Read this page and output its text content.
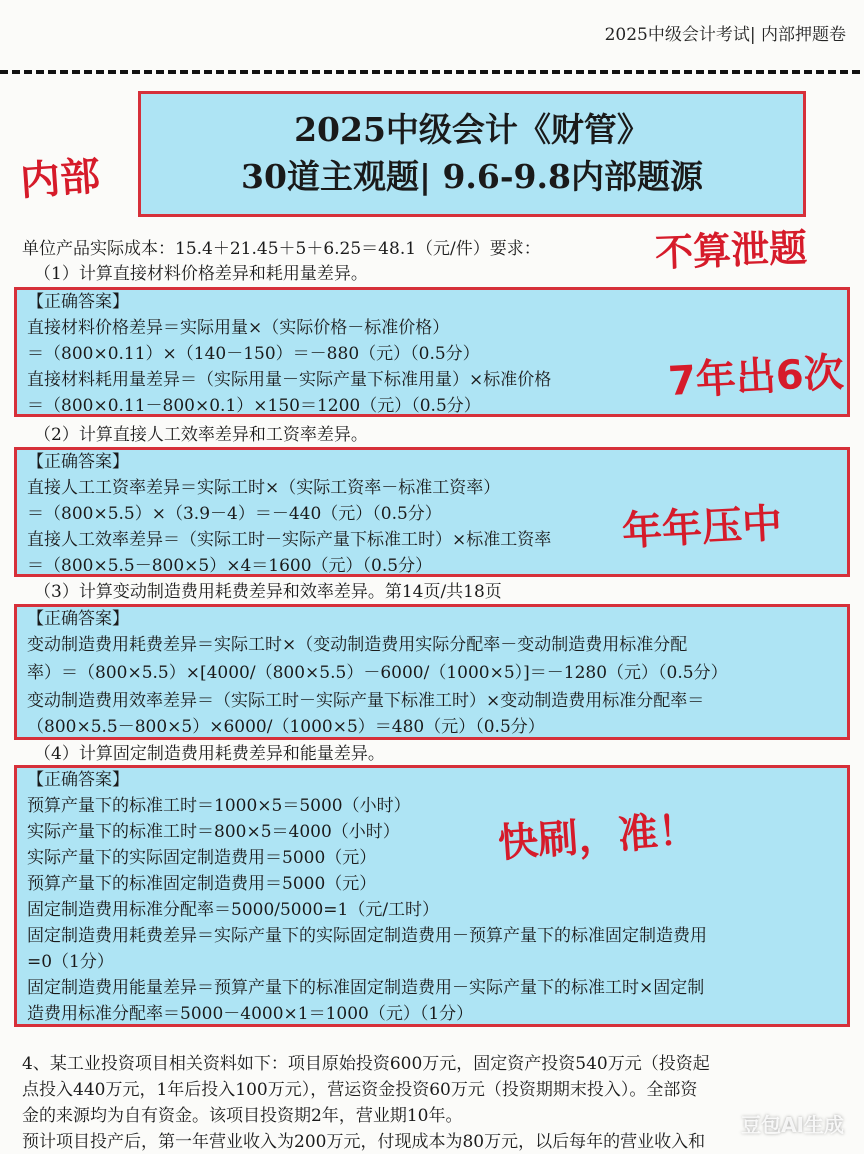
2025中级会计考试| 内部押题卷
2025中级会计《财管》
30道主观题| 9.6-9.8内部题源
内部
不算泄题
单位产品实际成本：15.4＋21.45＋5＋6.25＝48.1（元/件）要求：
（1）计算直接材料价格差异和耗用量差异。
【正确答案】
直接材料价格差异＝实际用量×（实际价格－标准价格）
＝（800×0.11）×（140－150）＝－880（元）（0.5分）
直接材料耗用量差异＝（实际用量－实际产量下标准用量）×标准价格
＝（800×0.11－800×0.1）×150＝1200（元）（0.5分）
7年出6次
（2）计算直接人工效率差异和工资率差异。
【正确答案】
直接人工工资率差异＝实际工时×（实际工资率－标准工资率）
＝（800×5.5）×（3.9－4）＝－440（元）（0.5分）
直接人工效率差异＝（实际工时－实际产量下标准工时）×标准工资率
＝（800×5.5－800×5）×4＝1600（元）（0.5分）
年年压中
（3）计算变动制造费用耗费差异和效率差异。第14页/共18页
【正确答案】
变动制造费用耗费差异＝实际工时×（变动制造费用实际分配率－变动制造费用标准分配
率）＝（800×5.5）×[4000/（800×5.5）－6000/（1000×5）]＝－1280（元）（0.5分）
变动制造费用效率差异＝（实际工时－实际产量下标准工时）×变动制造费用标准分配率＝
（800×5.5－800×5）×6000/（1000×5）＝480（元）（0.5分）
（4）计算固定制造费用耗费差异和能量差异。
【正确答案】
预算产量下的标准工时＝1000×5＝5000（小时）
实际产量下的标准工时＝800×5＝4000（小时）
实际产量下的实际固定制造费用＝5000（元）
预算产量下的标准固定制造费用＝5000（元）
固定制造费用标准分配率＝5000/5000=1（元/工时）
固定制造费用耗费差异＝实际产量下的实际固定制造费用－预算产量下的标准固定制造费用
=0（1分）
固定制造费用能量差异＝预算产量下的标准固定制造费用－实际产量下的标准工时×固定制
造费用标准分配率＝5000－4000×1＝1000（元）（1分）
快刷，准！
4、某工业投资项目相关资料如下：项目原始投资600万元，固定资产投资540万元（投资起
点投入440万元，1年后投入100万元），营运资金投资60万元（投资期期末投入）。全部资
金的来源均为自有资金。该项目投资期2年，营业期10年。
预计项目投产后，第一年营业收入为200万元，付现成本为80万元，以后每年的营业收入和
豆包AI生成
